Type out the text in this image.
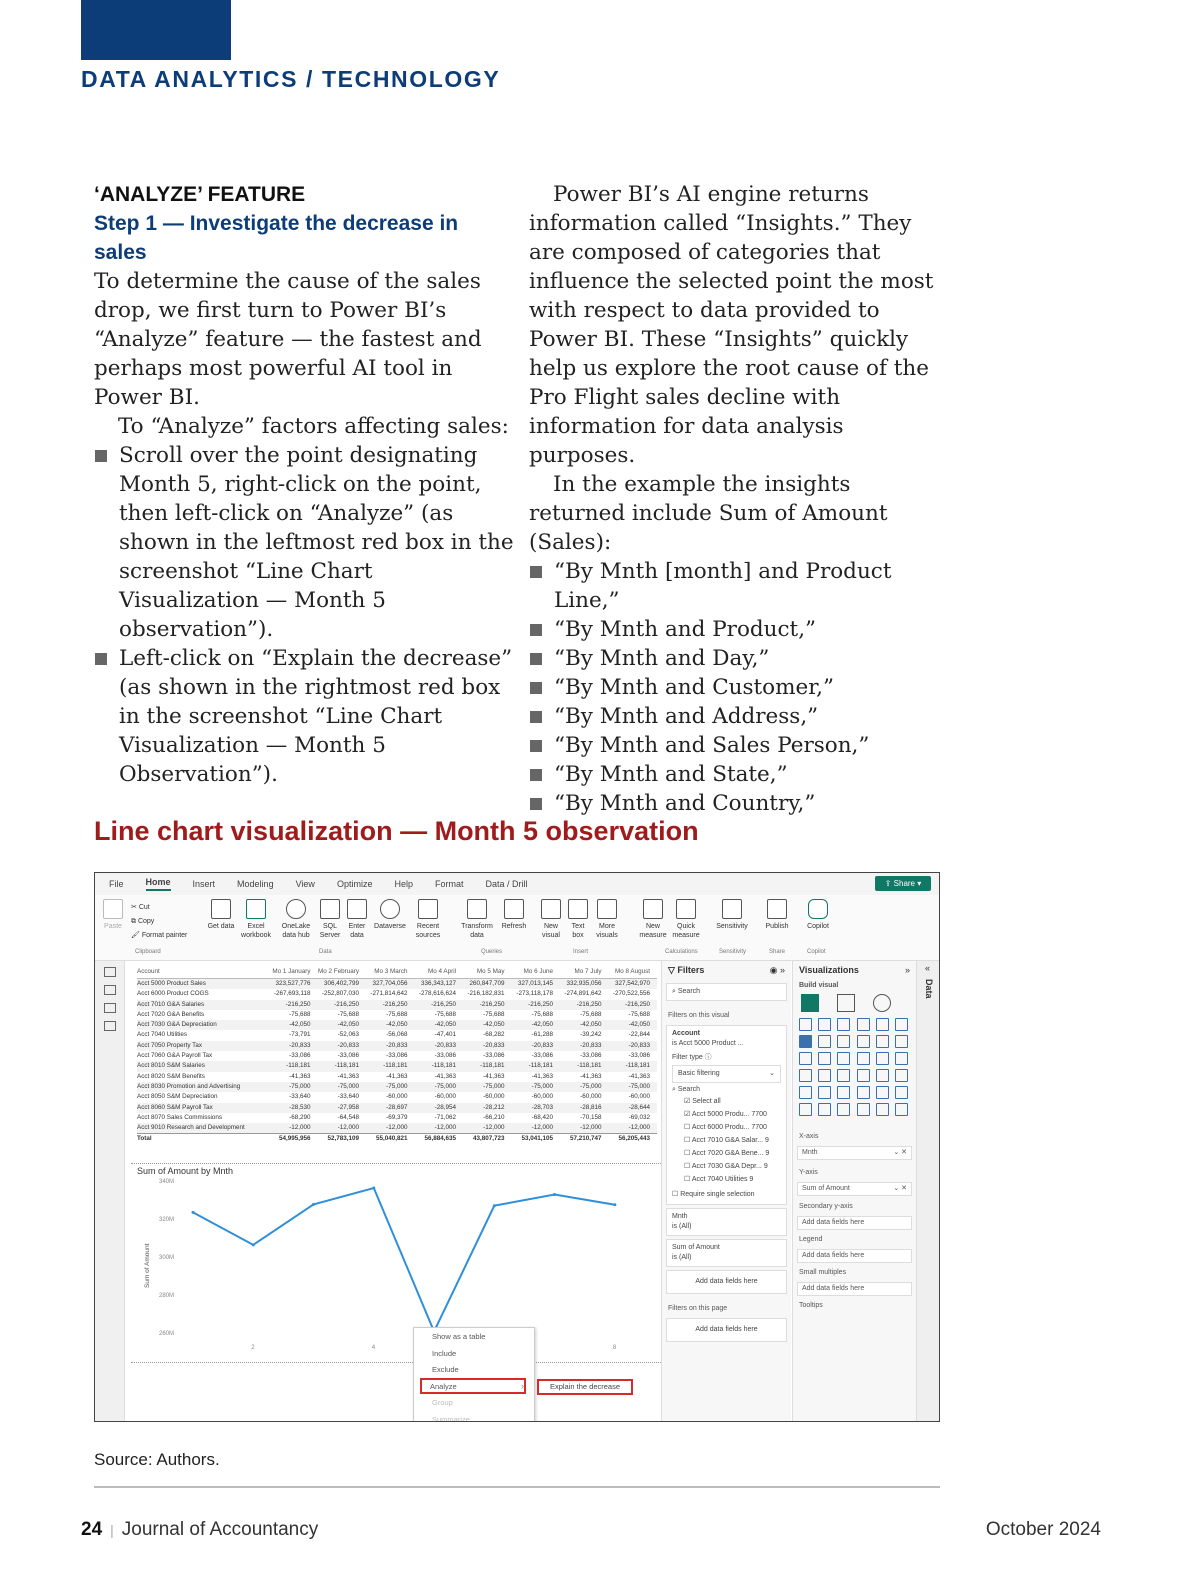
DATA ANALYTICS / TECHNOLOGY
‘ANALYZE’ FEATURE
Step 1 — Investigate the decrease in sales

To determine the cause of the sales drop, we first turn to Power BI’s “Analyze” feature — the fastest and perhaps most powerful AI tool in Power BI.

To “Analyze” factors affecting sales:

Scroll over the point designating Month 5, right-click on the point, then left-click on “Analyze” (as shown in the leftmost red box in the screenshot “Line Chart Visualization — Month 5 observation”).
Left-click on “Explain the decrease” (as shown in the rightmost red box in the screenshot “Line Chart Visualization — Month 5 Observation”).

Power BI’s AI engine returns information called “Insights.” They are composed of categories that influence the selected point the most with respect to data provided to Power BI. These “Insights” quickly help us explore the root cause of the Pro Flight sales decline with information for data analysis purposes.

In the example the insights returned include Sum of Amount (Sales):

“By Mnth [month] and Product Line,”
“By Mnth and Product,”
“By Mnth and Day,”
“By Mnth and Customer,”
“By Mnth and Address,”
“By Mnth and Sales Person,”
“By Mnth and State,”
“By Mnth and Country,”
Line chart visualization — Month 5 observation
File Home Insert Modeling View Optimize Help Format Data / Drill	⇪ Share ▾
Paste
✂ Cut
⧉ Copy
🖌 Format painter
Get data	Excel workbook
OneLake data hub
SQL Server
Enter data
Dataverse	Recent sources
Transform data
Refresh	New visual
Text box
More visuals
New measure
Quick measure
Sensitivity	Publish	Copilot
Clipboard	Data	Queries	Insert	Calculations	Sensitivity	Share	Copilot
Account	Mo 1 January	Mo 2 February	Mo 3 March	Mo 4 April	Mo 5 May	Mo 6 June	Mo 7 July	Mo 8 August
Acct 5000 Product Sales	323,527,776	306,402,799	327,704,056	336,343,127	260,847,709	327,013,145	332,935,056	327,542,970
Acct 6000 Product COGS	-267,693,118	-252,807,030	-271,814,642	-278,616,624	-216,182,831	-273,118,178	-274,891,642	-270,522,556
Acct 7010 G&A Salaries	-216,250	-216,250	-216,250	-216,250	-216,250	-216,250	-216,250	-216,250
Acct 7020 G&A Benefits	-75,688	-75,688	-75,688	-75,688	-75,688	-75,688	-75,688	-75,688
Acct 7030 G&A Depreciation	-42,050	-42,050	-42,050	-42,050	-42,050	-42,050	-42,050	-42,050
Acct 7040 Utilities	-73,791	-52,063	-56,068	-47,401	-68,282	-61,288	-39,242	-22,844
Acct 7050 Property Tax	-20,833	-20,833	-20,833	-20,833	-20,833	-20,833	-20,833	-20,833
Acct 7060 G&A Payroll Tax	-33,086	-33,086	-33,086	-33,086	-33,086	-33,086	-33,086	-33,086
Acct 8010 S&M Salaries	-118,181	-118,181	-118,181	-118,181	-118,181	-118,181	-118,181	-118,181
Acct 8020 S&M Benefits	-41,363	-41,363	-41,363	-41,363	-41,363	-41,363	-41,363	-41,363
Acct 8030 Promotion and Advertising	-75,000	-75,000	-75,000	-75,000	-75,000	-75,000	-75,000	-75,000
Acct 8050 S&M Depreciation	-33,640	-33,640	-60,000	-60,000	-60,000	-60,000	-60,000	-60,000
Acct 8060 S&M Payroll Tax	-28,530	-27,958	-28,697	-28,954	-28,212	-28,703	-28,816	-28,644
Acct 8070 Sales Commissions	-68,290	-64,548	-69,379	-71,062	-66,210	-68,420	-70,158	-69,032
Acct 9010 Research and Development	-12,000	-12,000	-12,000	-12,000	-12,000	-12,000	-12,000	-12,000
Total	54,995,956	52,783,109	55,040,821	56,884,635	43,807,723	53,041,105	57,210,747	56,205,443
Sum of Amount by Mnth
340M
320M
300M
280M
260M
2	4	8
Sum of Amount
Show as a table
Include
Exclude
Analyze
Group
Summarize
›	Explain the decrease
▽ Filters	◉ »
⌕ Search
Filters on this visual
Account
is Acct 5000 Product ...
Filter type ⓘ
Basic filtering	⌄
⌕ Search
☑ Select all
☑ Acct 5000 Produ... 7700
☐ Acct 6000 Produ... 7700
☐ Acct 7010 G&A Salar... 9
☐ Acct 7020 G&A Bene... 9
☐ Acct 7030 G&A Depr... 9
☐ Acct 7040 Utilities 9
☐ Require single selection
Mnth
is (All)
Sum of Amount
is (All)
Add data fields here
Filters on this page
Add data fields here
Visualizations	»
Build visual
X-axis
Mnth	⌄ ✕
Y-axis
Sum of Amount	⌄ ✕
Secondary y-axis
Add data fields here
Legend
Add data fields here
Small multiples
Add data fields here
Tooltips
«
Data
Source: Authors.
24 | Journal of Accountancy	October 2024
